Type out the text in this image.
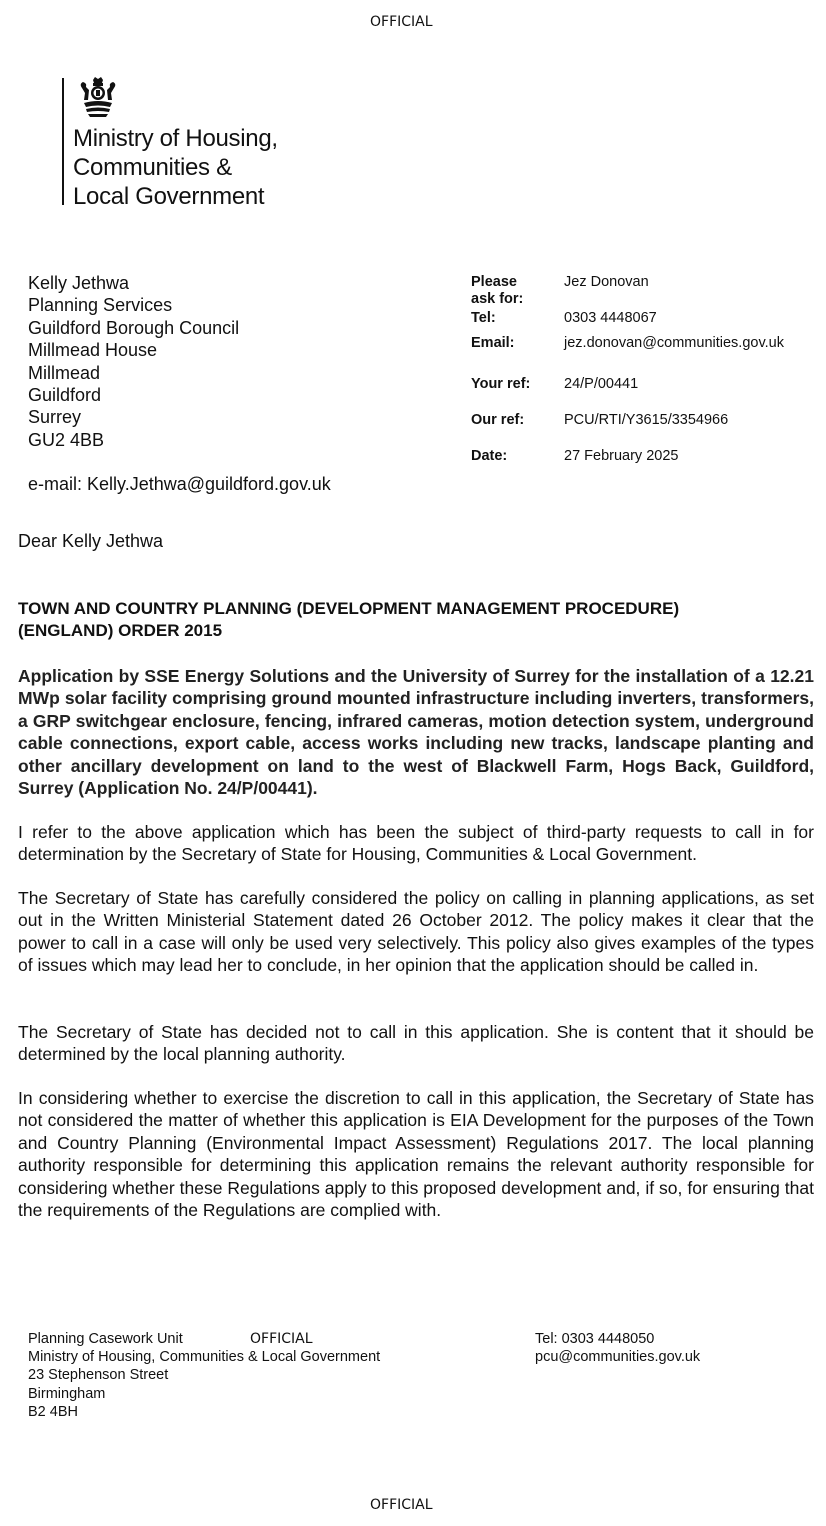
OFFICIAL
Ministry of Housing,
Communities &
Local Government
Kelly Jethwa
Planning Services
Guildford Borough Council
Millmead House
Millmead
Guildford
Surrey
GU2 4BB
e-mail: Kelly.Jethwa@guildford.gov.uk
Please
ask for:
Jez Donovan
Tel:	0303 4448067
Email:	jez.donovan@communities.gov.uk
Your ref: 24/P/00441
Our ref:	PCU/RTI/Y3615/3354966
Date:	27 February 2025
Dear Kelly Jethwa
TOWN AND COUNTRY PLANNING (DEVELOPMENT MANAGEMENT PROCEDURE)
(ENGLAND) ORDER 2015
Application by SSE Energy Solutions and the University of Surrey for the installation of a 12.21 MWp solar facility comprising ground mounted infrastructure including inverters, transformers, a GRP switchgear enclosure, fencing, infrared cameras, motion detection system, underground cable connections, export cable, access works including new tracks, landscape planting and other ancillary development on land to the west of Blackwell Farm, Hogs Back, Guildford, Surrey (Application No. 24/P/00441).
I refer to the above application which has been the subject of third-party requests to call in for determination by the Secretary of State for Housing, Communities & Local Government.
The Secretary of State has carefully considered the policy on calling in planning applications, as set out in the Written Ministerial Statement dated 26 October 2012. The policy makes it clear that the power to call in a case will only be used very selectively. This policy also gives examples of the types of issues which may lead her to conclude, in her opinion that the application should be called in.
The Secretary of State has decided not to call in this application. She is content that it should be determined by the local planning authority.
In considering whether to exercise the discretion to call in this application, the Secretary of State has not considered the matter of whether this application is EIA Development for the purposes of the Town and Country Planning (Environmental Impact Assessment) Regulations 2017. The local planning authority responsible for determining this application remains the relevant authority responsible for considering whether these Regulations apply to this proposed development and, if so, for ensuring that the requirements of the Regulations are complied with.
Planning Casework Unit
Ministry of Housing, Communities & Local Government
23 Stephenson Street
Birmingham
B2 4BH
OFFICIAL	Tel: 0303 4448050
pcu@communities.gov.uk
OFFICIAL
